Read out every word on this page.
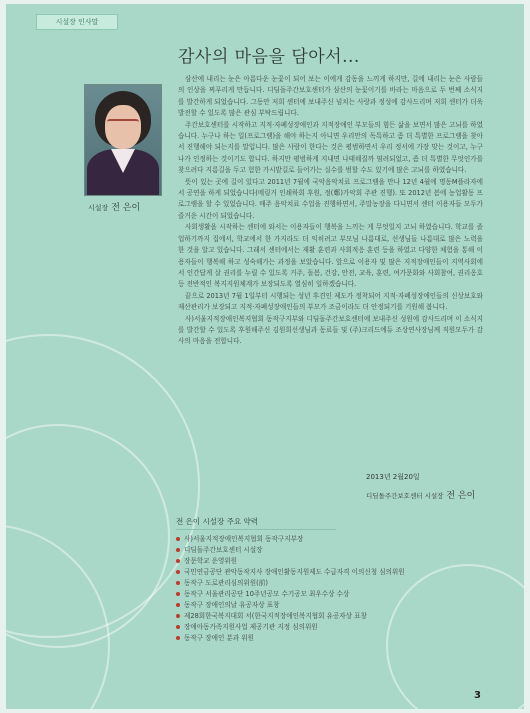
시설장 인사말
감사의 마음을 담아서...
시설장 전 은이

삼산에 내리는 눈은 아름다운 눈꽃이 되어 보는 이에게 감동을 느끼게 하지만, 길에 내리는 눈은 사람들의 인상을 찌푸리게 만듭니다. 디딤돌주간보호센터가 삼산의 눈꽃이기를 바라는 마음으로 두 번째 소식지를 발간하게 되었습니다. 그동안 저희 센터에 보내주신 넘치는 사랑과 정성에 감사드리며 저희 센터가 더욱 발전할 수 있도록 많은 관심 부탁드립니다.

주간보호센터를 시작하고 지적·자폐성장애인과 지적장애인 부모들의 힘든 삶을 보면서 많은 고뇌를 하였습니다. 누구나 하는 일(프로그램)을 해야 하는지 아니면 우리만의 독특하고 좀 더 특별한 프로그램을 찾아서 진행해야 되는지를 말입니다. 많은 사람이 한다는 것은 평범하면서 우리 정서에 가장 맞는 것이고, 누구나가 인정하는 것이기도 합니다. 하지만 평범하게 지내면 나태해질까 염려되었고, 좀 더 특별한 무엇인가를 찾으려다 지름길을 두고 험한 가시밭길로 들어가는 실수를 범할 수도 있기에 많은 고뇌를 하였습니다.

뜻이 있는 곳에 길이 있다고 2011년 7월에 국악음악치료 프로그램을 만나 12년 4월에 명동M플라자에서 공연을 하게 되었습니다(메링거 인쇄하회 후원, 정(鄭)가악회 주관 진행). 또 2012년 봄에 농업활동 프로그램을 할 수 있었습니다. 매주 음악치료 수업을 진행하면서, 주말농장을 다니면서 센터 이용자들 모두가 즐거운 시간이 되었습니다.

사회생활을 시작하는 센터에 와서는 이용자들이 행복을 느끼는 게 무엇일지 고뇌 하였습니다. 학교를 졸업하기까지 집에서, 학교에서 한 가지라도 더 익히려고 부모님 나름대로, 선생님들 나름대로 많은 노력을 한 것을 알고 있습니다. 그래서 센터에서는 재활 훈련과 사회적응 훈련 등을 하였고 다양한 체험을 통해 이용자들이 행복해 하고 성숙해가는 과정을 보았습니다. 앞으로 이용자 및 많은 지적장애인들이 지역사회에서 인간답게 살 권리를 누릴 수 있도록 거주, 돌봄, 건강, 안전, 교육, 훈련, 여가문화와 사회참여, 권리옹호 등 전반적인 복지지원체계가 보장되도록 열심히 일하겠습니다.

끝으로 2013년 7월 1일부터 시행되는 성년 후견인 제도가 정착되어 지적·자폐성장애인들의 신상보호와 재산관리가 보장되고 지적·자폐성장애인들의 부모가 조금이라도 더 안정되기를 기원해 봅니다.

사)서울지적장애인복지협회 동작구지부와 디딤돌주간보호센터에 보내주신 성원에 감사드리며 이 소식지를 발간할 수 있도록 후원해주신 김원희선생님과 동료들 및 (주)크리드에듀 조상연사장님께 직원모두가 감사의 마음을 전합니다.

2013년 2월20일
디딤돌주간보호센터 시설장 전 은이
전 은이 시설장 주요 약력
사)서울지적장애인복지협회 동작구지부장
디딤돌주간보호센터 시설장
장문학교 운영위원
국민연금공단 관악동작지사 장애인활동지원제도 수급자격 이의신청 심의위원
동작구 도로관리심의위원(前)
동작구 서울관리공단 10주년공모 수기공모 최우수상 수상
동작구 장애인의날 유공자상 표창
제28회한국복지대회 서(한국지적장애인복지협회 유공자상 표창
장애아동가족지원사업 제공기관 지정 심의위원
동작구 장애인 분과 위원
3
